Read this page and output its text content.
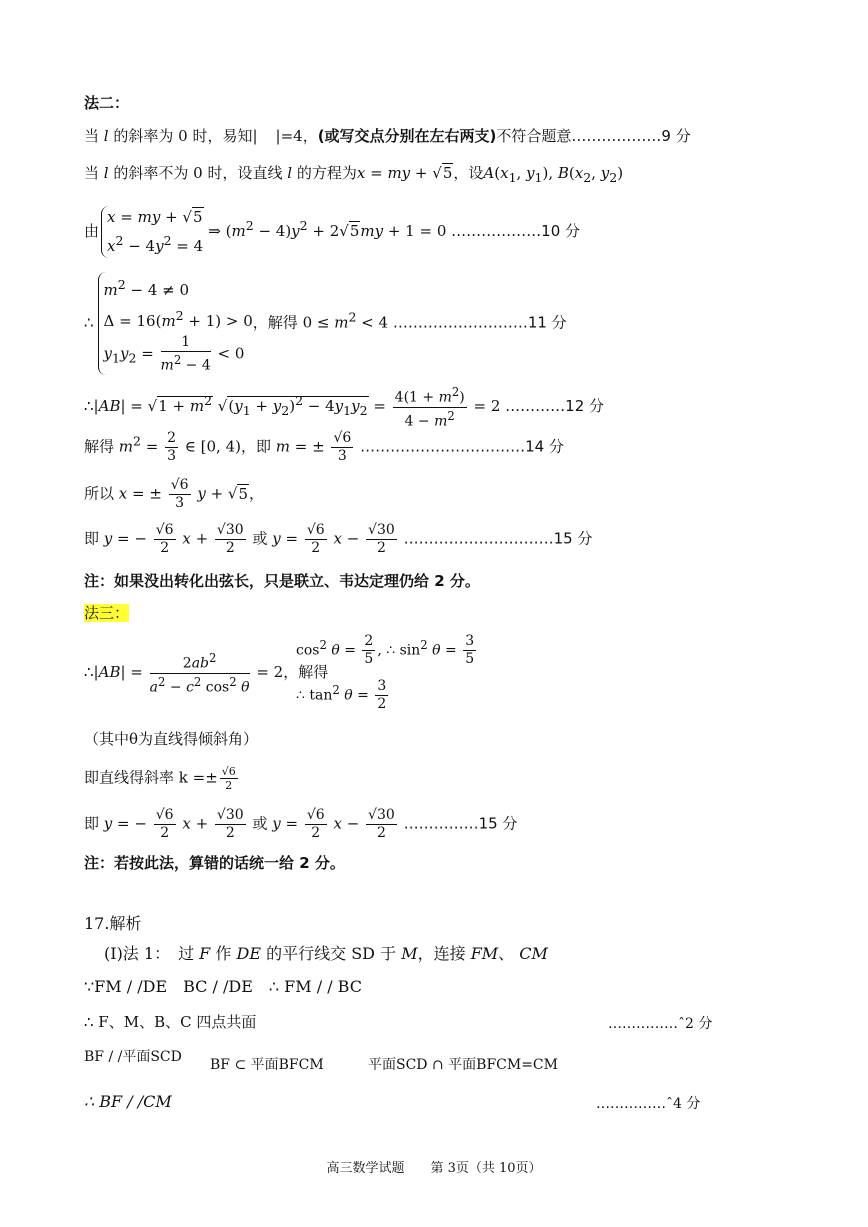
法二：
当 l 的斜率为 0 时，易知| |=4，(或写交点分别在左右两支)不符合题意………………9 分
当 l 的斜率不为 0 时，设直线 l 的方程为x = my + √5，设$A(x_1$, $y_1$), $B(x_2$, $y_2$)
由
x = my + √5
$x^2 - 4y^2 = 4$
⇒ $(m^2 - 4)y^2 + 2√5my + 1 = 0$ ………………10 分
∴
$m^2 - 4 \ne 0$
$\Delta = 16(m^2 + 1) > 0$
$y_1y_2 = \frac{1}{m^2 - 4} < 0$
，解得 $0 \le m^2 < 4$ ………………………11 分
∴|AB| = $√1 + m^2$ $√(y_1 + y_2)^2 - 4y_1y_2 = \frac{4(1 + m^2)}{4 - m^2} = 2$ …………12 分
解得 $m^2 = \frac{2}{3}$ ∈ [0, 4)，即 m = ± $\frac{√6}{3}$ ……………………………14 分
所以 x = ± $\frac{√6}{3}$ y + √5，
即 y = − $\frac{√6}{2}$ $x + \frac{√30}{2}$ 或 $y = \frac{√6}{2}$ $x - \frac{√30}{2}$ …………………………15 分
注：如果没出转化出弦长，只是联立、韦达定理仍给 2 分。
法三：
∴|AB| = $\frac{2ab^2}{a^2 - c^2 \cos^2 \theta} = 2$，解得
$\cos^2 \theta = \frac{2}{5}$ , ∴ $\sin^2 \theta = \frac{3}{5}$
∴ $\tan^2 \theta = \frac{3}{2}$
（其中θ为直线得倾斜角）
即直线得斜率 $k =\pm \frac{√6}{2}$
即 y = − $\frac{√6}{2}$ $x + \frac{√30}{2}$ 或 $y = \frac{√6}{2}$ $x - \frac{√30}{2}$ ……………15 分
注：若按此法，算错的话统一给 2 分。
17.解析
(I)法 1：　过 F 作 DE 的平行线交 SD 于 M，连接 FM、 CM
∵FM / /DE　BC / /DE　∴ FM / / BC
∴ F、M、B、C 四点共面	……………ˆ2 分
BF / /平面SCD BF ⊂ 平面BFCM	平面SCD ∩ 平面BFCM=CM
∴ BF / /CM	……………ˆ4 分
高三数学试题　　第 3页（共 10页）
